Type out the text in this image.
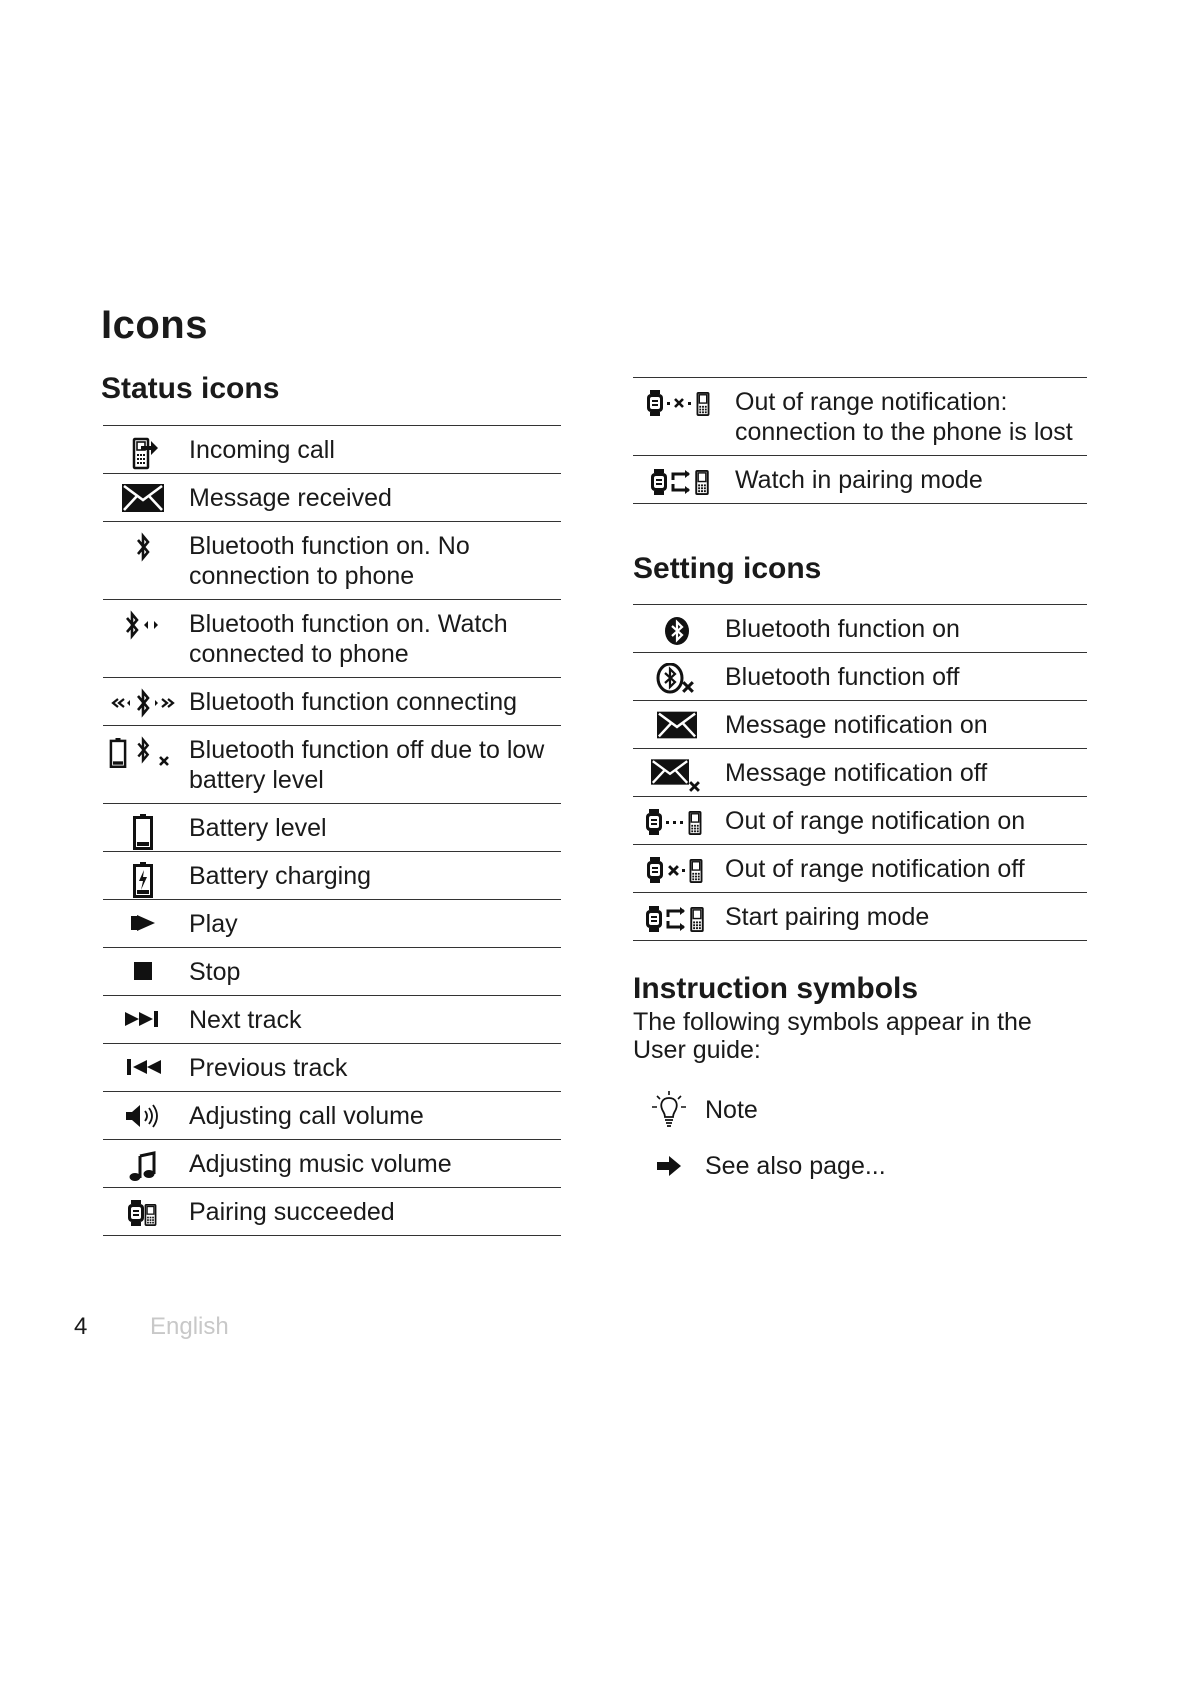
Icons
Status icons
	Incoming call

	Message received

	Bluetooth function on. No connection to phone

	Bluetooth function on. Watch connected to phone

	Bluetooth function connecting

	Bluetooth function off due to low battery level

	Battery level

	Battery charging

	Play

	Stop

	Next track

	Previous track

	Adjusting call volume

	Adjusting music volume

	Pairing succeeded
	Out of range notification: connection to the phone is lost

	Watch in pairing mode
Setting icons
	Bluetooth function on

	Bluetooth function off

	Message notification on

	Message notification off

	Out of range notification on

	Out of range notification off

	Start pairing mode
Instruction symbols

The following symbols appear in the User guide:

Note
See also page...
4	English
